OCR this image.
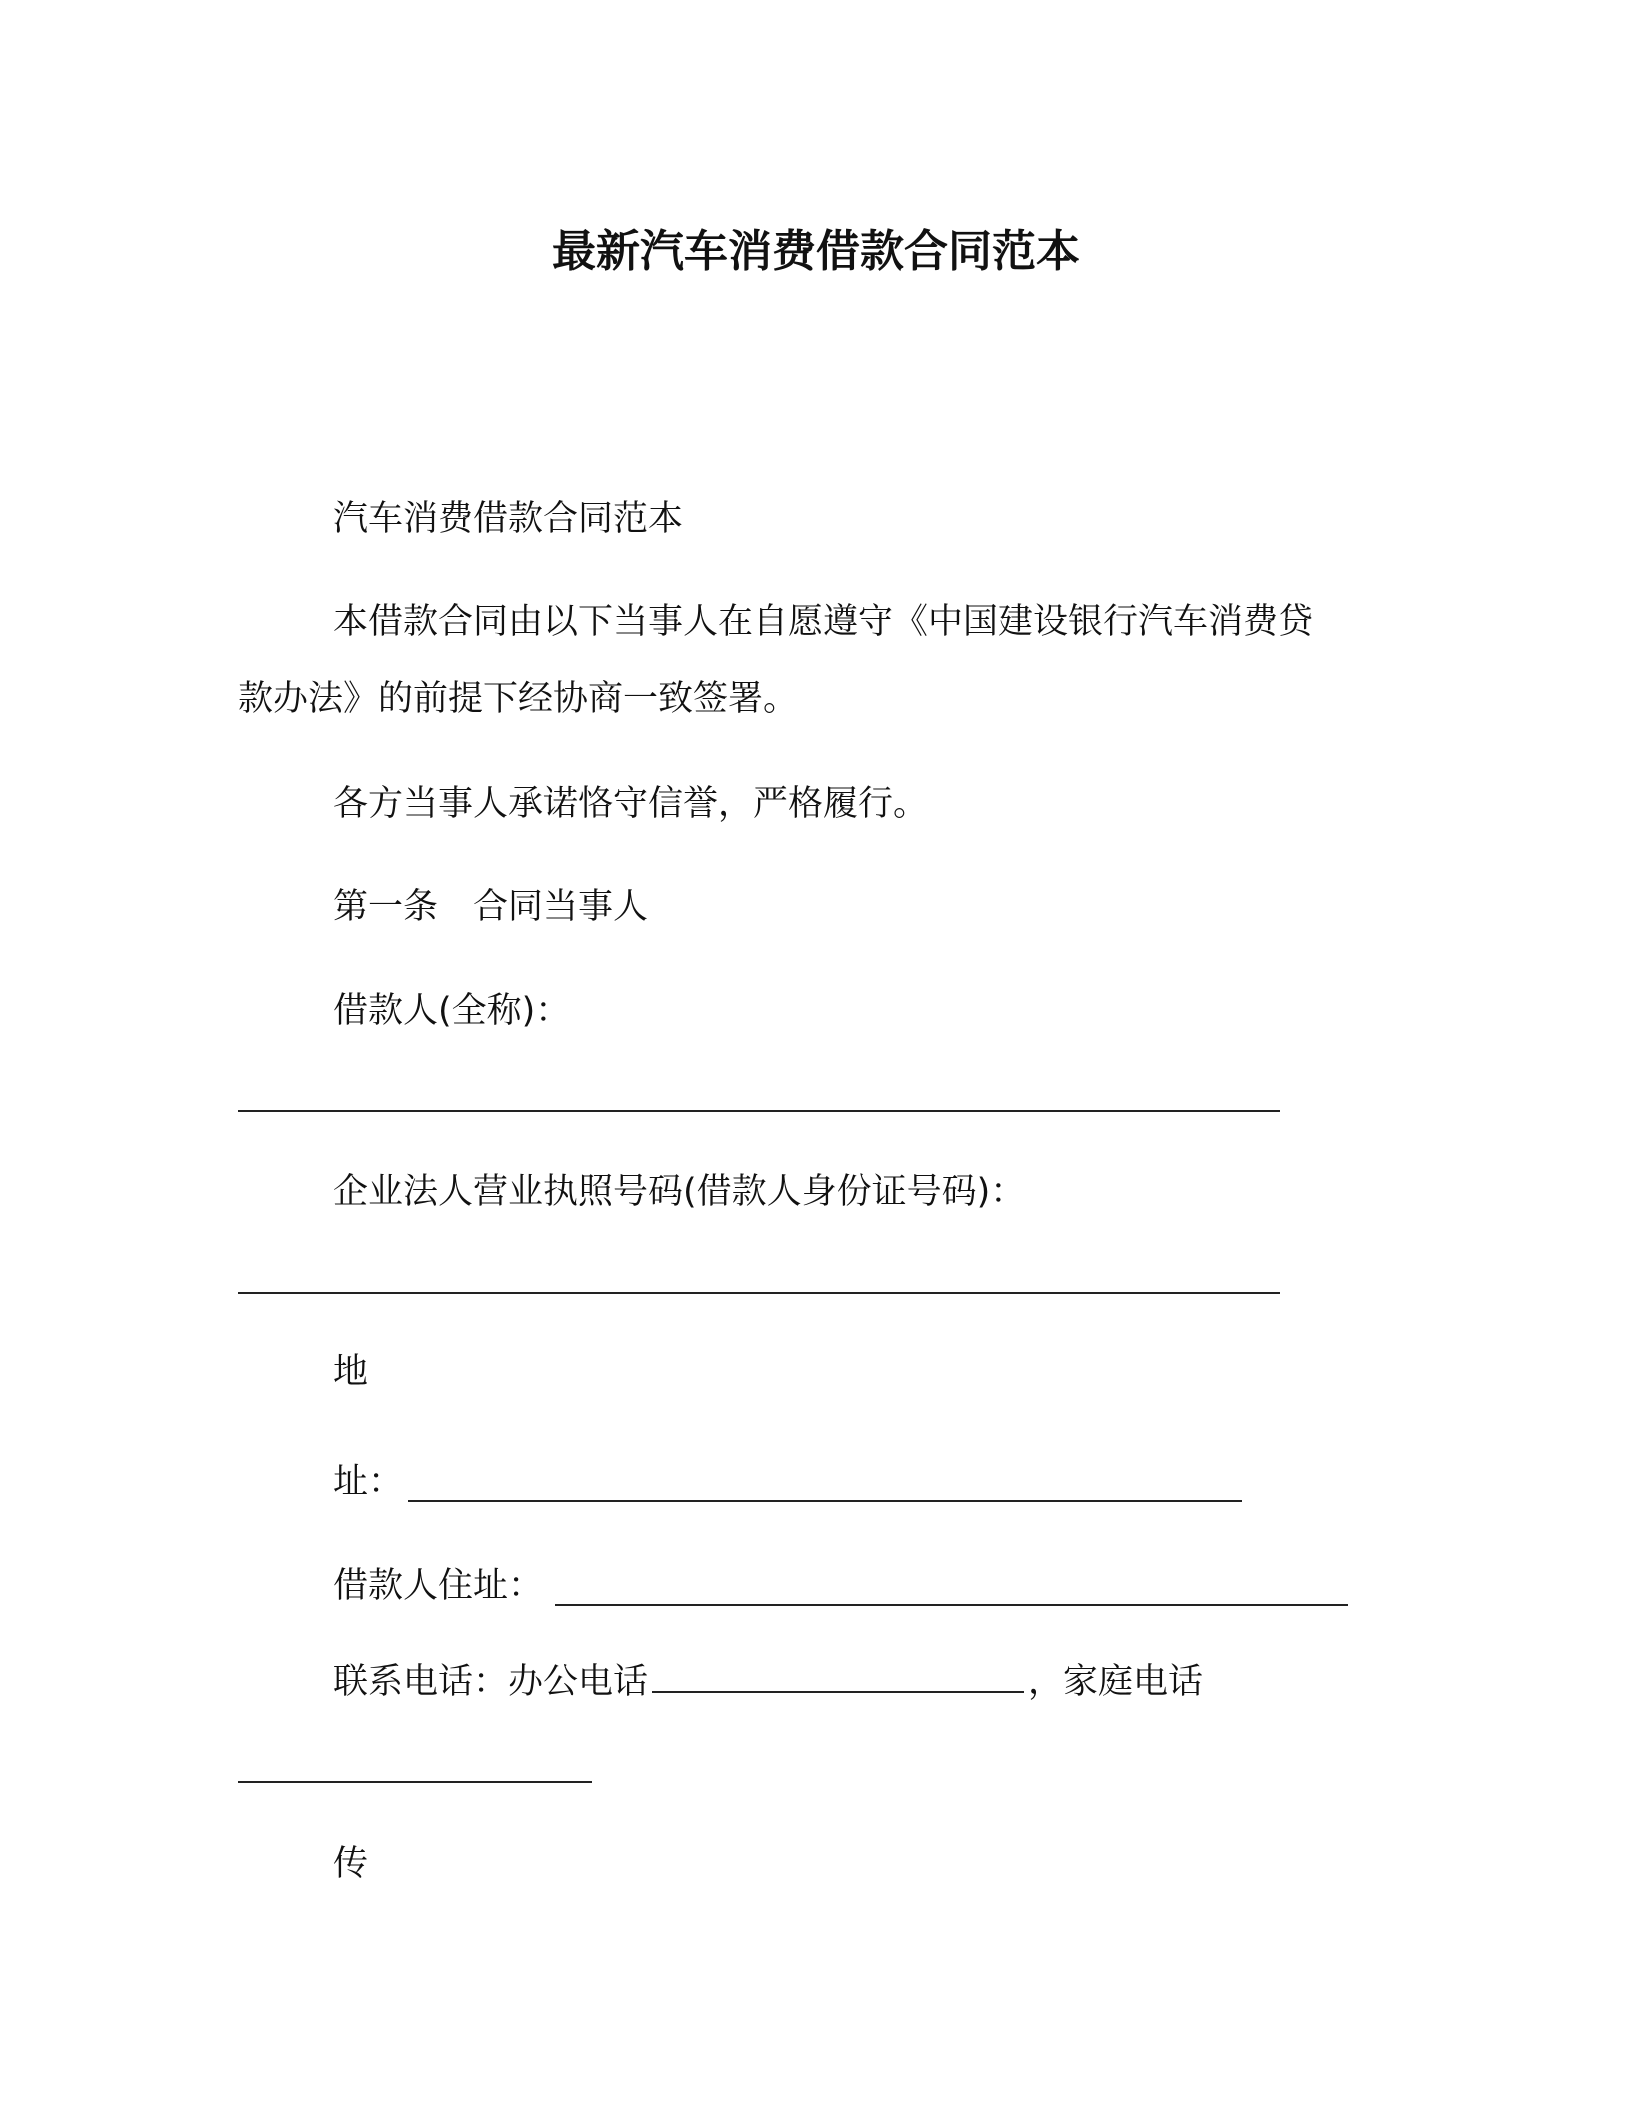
最新汽车消费借款合同范本
汽车消费借款合同范本
本借款合同由以下当事人在自愿遵守《中国建设银行汽车消费贷
款办法》的前提下经协商一致签署。
各方当事人承诺恪守信誉，严格履行。
第一条　合同当事人
借款人(全称)：
企业法人营业执照号码(借款人身份证号码)：
地
址：
借款人住址：
联系电话：办公电话	，家庭电话
传
